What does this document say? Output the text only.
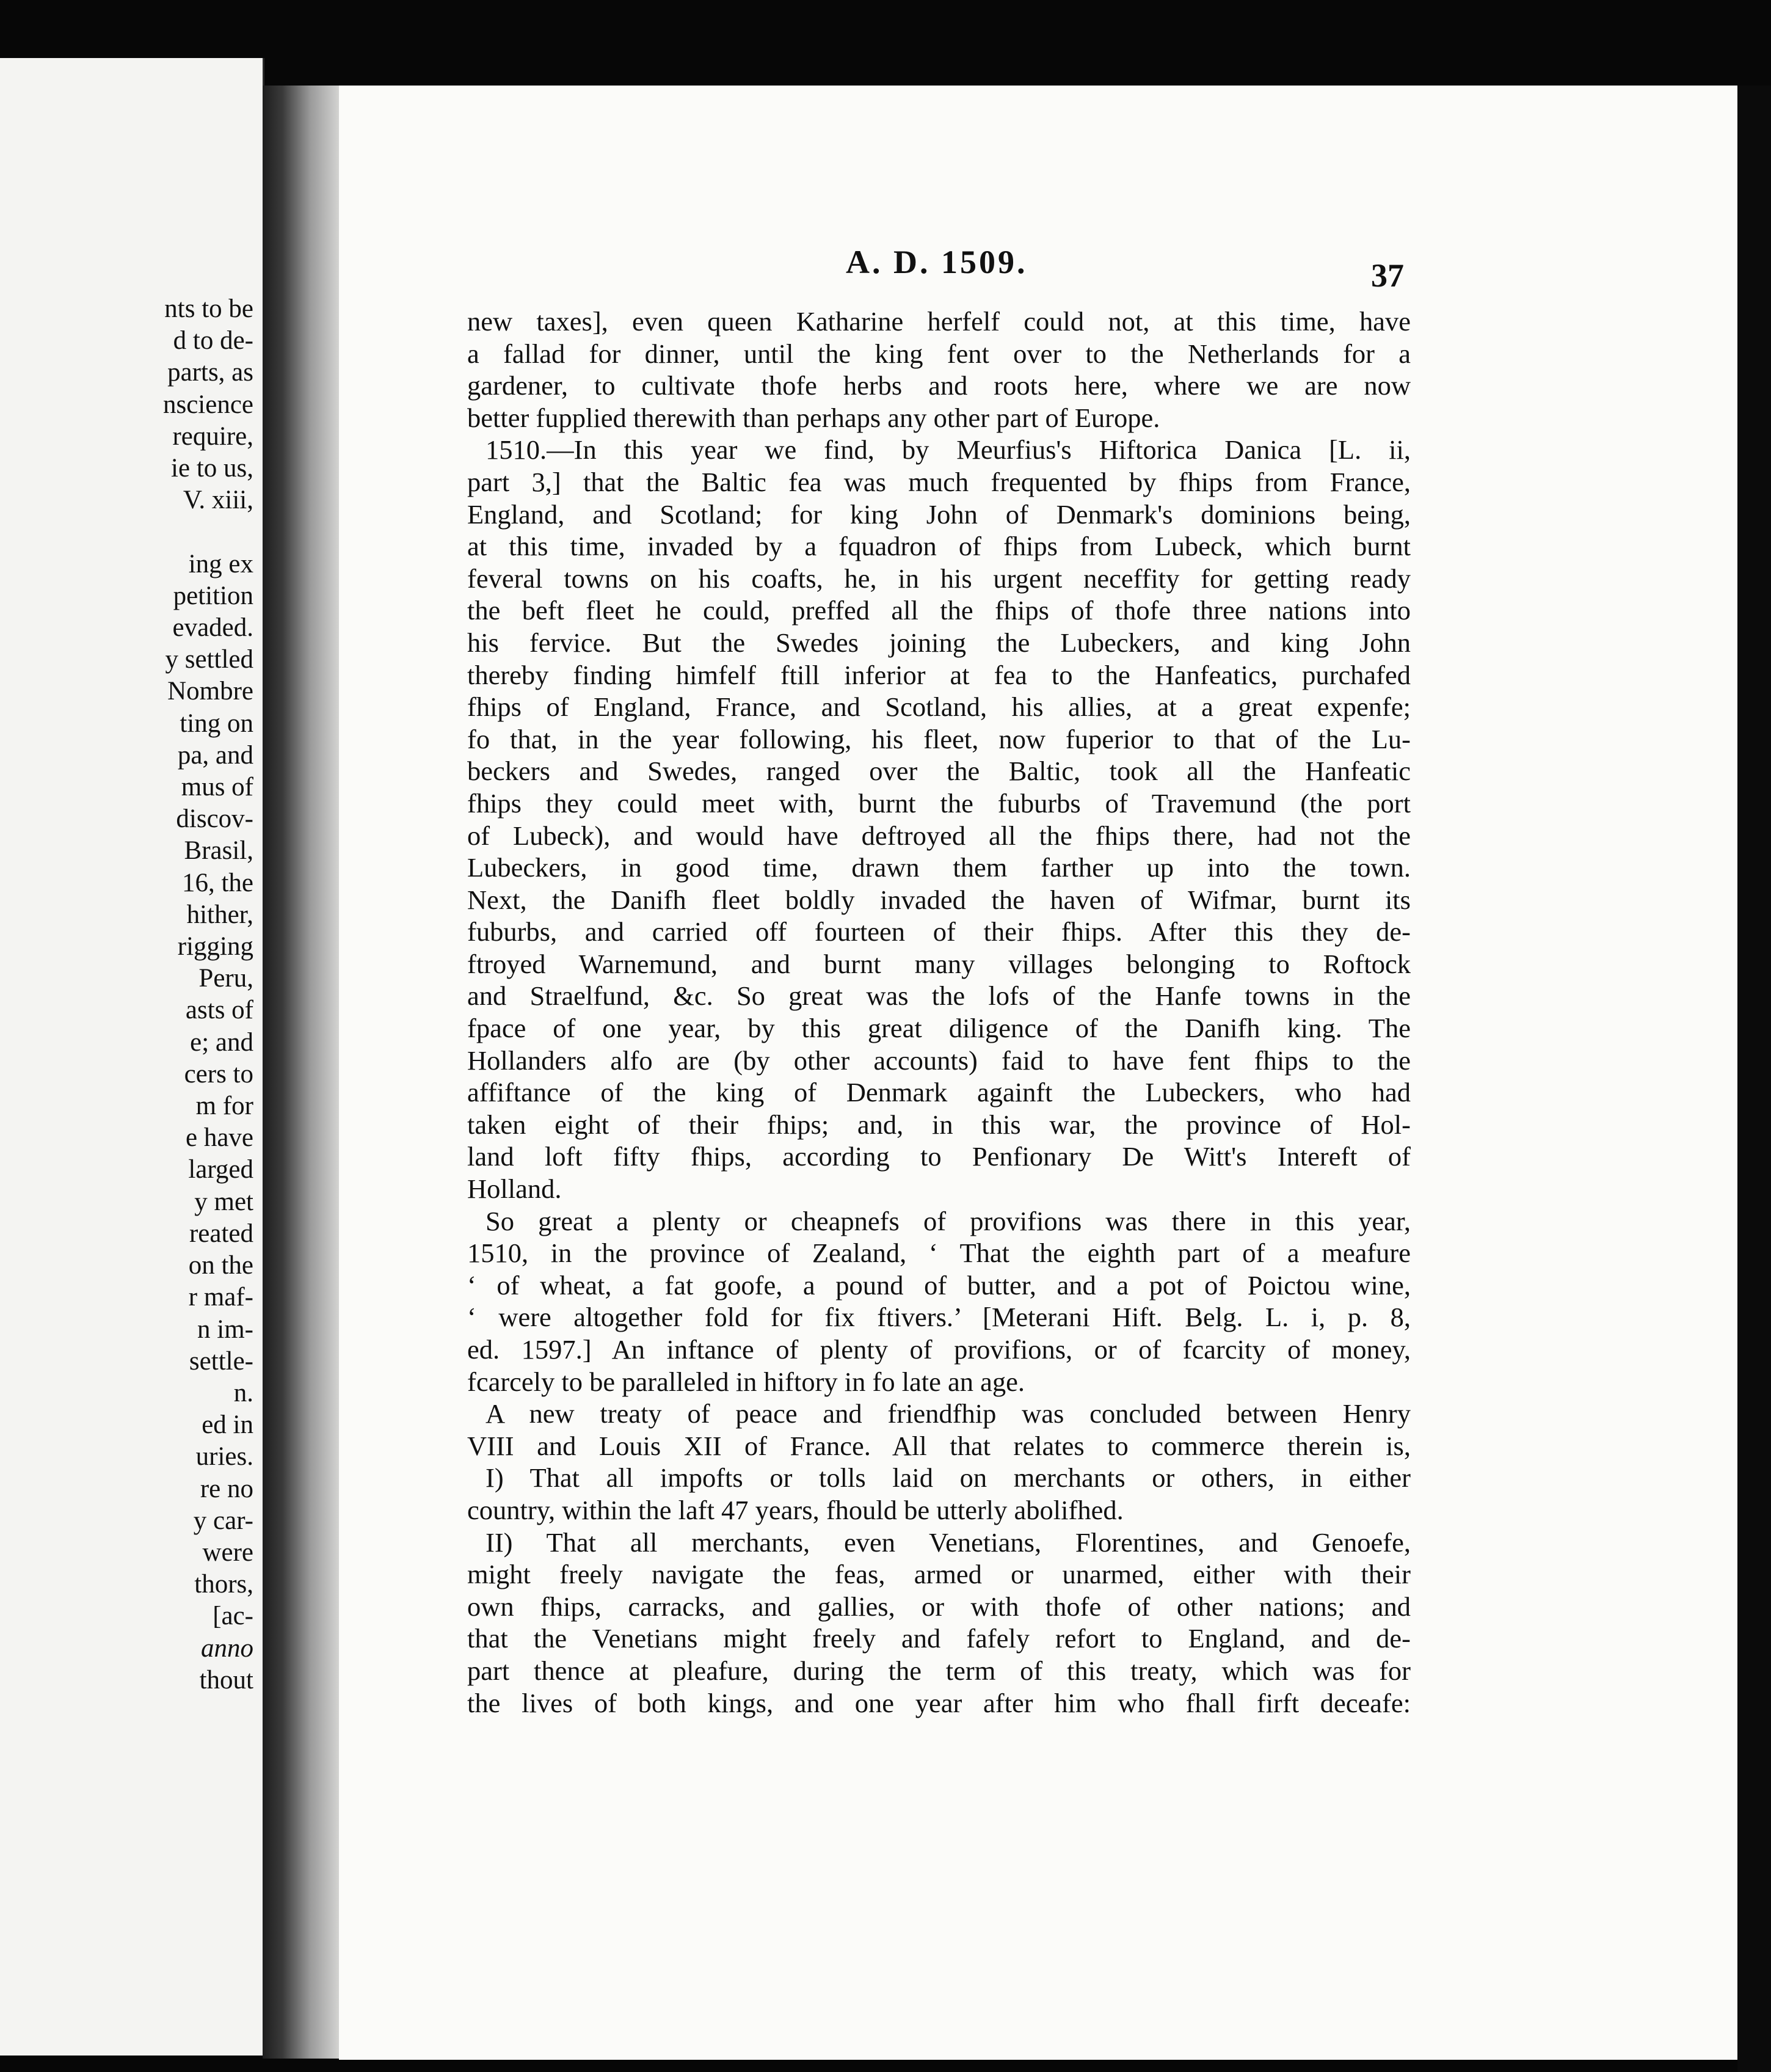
nts to be
d to de-
parts, as
nscience
require,
ie to us,
V. xiii,

ing ex
petition
evaded.
y settled
Nombre
ting on
pa, and
mus of
discov-
Brasil,
16, the
hither,
rigging
Peru,
asts of
e; and
cers to
m for
e have
larged
y met
reated
on the
r maf-
n im-
settle-
n.
ed in
uries.
re no
y car-
were
thors,
[ac-
anno
thout
A. D. 1509.	37
new taxes], even queen Katharine herfelf could not, at this time, have
a fallad for dinner, until the king fent over to the Netherlands for a
gardener, to cultivate thofe herbs and roots here, where we are now
better fupplied therewith than perhaps any other part of Europe.
1510.—In this year we find, by Meurfius's Hiftorica Danica [L. ii,
part 3,] that the Baltic fea was much frequented by fhips from France,
England, and Scotland; for king John of Denmark's dominions being,
at this time, invaded by a fquadron of fhips from Lubeck, which burnt
feveral towns on his coafts, he, in his urgent neceffity for getting ready
the beft fleet he could, preffed all the fhips of thofe three nations into
his fervice. But the Swedes joining the Lubeckers, and king John
thereby finding himfelf ftill inferior at fea to the Hanfeatics, purchafed
fhips of England, France, and Scotland, his allies, at a great expenfe;
fo that, in the year following, his fleet, now fuperior to that of the Lu-
beckers and Swedes, ranged over the Baltic, took all the Hanfeatic
fhips they could meet with, burnt the fuburbs of Travemund (the port
of Lubeck), and would have deftroyed all the fhips there, had not the
Lubeckers, in good time, drawn them farther up into the town.
Next, the Danifh fleet boldly invaded the haven of Wifmar, burnt its
fuburbs, and carried off fourteen of their fhips. After this they de-
ftroyed Warnemund, and burnt many villages belonging to Roftock
and Straelfund, &c. So great was the lofs of the Hanfe towns in the
fpace of one year, by this great diligence of the Danifh king. The
Hollanders alfo are (by other accounts) faid to have fent fhips to the
affiftance of the king of Denmark againft the Lubeckers, who had
taken eight of their fhips; and, in this war, the province of Hol-
land loft fifty fhips, according to Penfionary De Witt's Intereft of
Holland.
So great a plenty or cheapnefs of provifions was there in this year,
1510, in the province of Zealand, ‘ That the eighth part of a meafure
‘ of wheat, a fat goofe, a pound of butter, and a pot of Poictou wine,
‘ were altogether fold for fix ftivers.’ [Meterani Hift. Belg. L. i, p. 8,
ed. 1597.] An inftance of plenty of provifions, or of fcarcity of money,
fcarcely to be paralleled in hiftory in fo late an age.
A new treaty of peace and friendfhip was concluded between Henry
VIII and Louis XII of France. All that relates to commerce therein is,
I) That all impofts or tolls laid on merchants or others, in either
country, within the laft 47 years, fhould be utterly abolifhed.
II) That all merchants, even Venetians, Florentines, and Genoefe,
might freely navigate the feas, armed or unarmed, either with their
own fhips, carracks, and gallies, or with thofe of other nations; and
that the Venetians might freely and fafely refort to England, and de-
part thence at pleafure, during the term of this treaty, which was for
the lives of both kings, and one year after him who fhall firft deceafe:
